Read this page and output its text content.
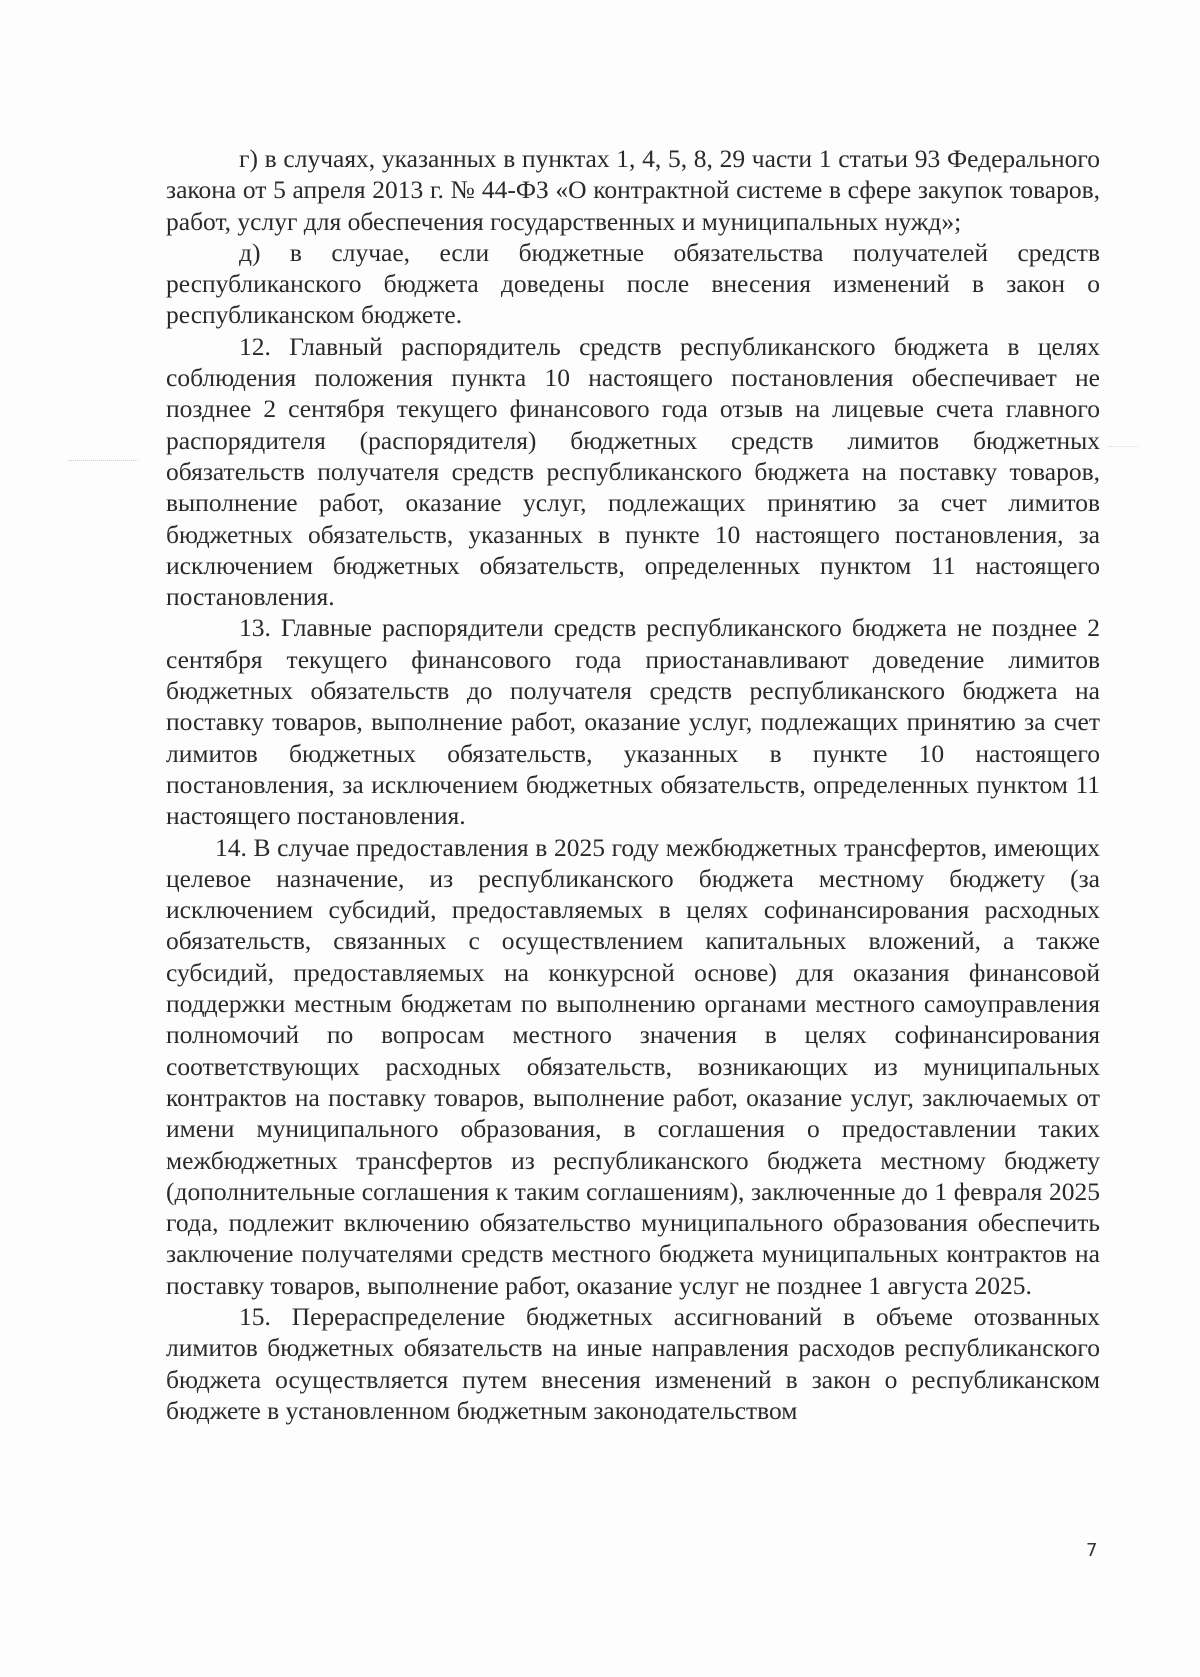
г) в случаях, указанных в пунктах 1, 4, 5, 8, 29 части 1 статьи 93 Федерального закона от 5 апреля 2013 г. № 44-ФЗ «О контрактной системе в сфере закупок товаров, работ, услуг для обеспечения государственных и муниципальных нужд»;

д) в случае, если бюджетные обязательства получателей средств республиканского бюджета доведены после внесения изменений в закон о республиканском бюджете.

12. Главный распорядитель средств республиканского бюджета в целях соблюдения положения пункта 10 настоящего постановления обеспечивает не позднее 2 сентября текущего финансового года отзыв на лицевые счета главного распорядителя (распорядителя) бюджетных средств лимитов бюджетных обязательств получателя средств республиканского бюджета на поставку товаров, выполнение работ, оказание услуг, подлежащих принятию за счет лимитов бюджетных обязательств, указанных в пункте 10 настоящего постановления, за исключением бюджетных обязательств, определенных пунктом 11 настоящего постановления.

13. Главные распорядители средств республиканского бюджета не позднее 2 сентября текущего финансового года приостанавливают доведение лимитов бюджетных обязательств до получателя средств республиканского бюджета на поставку товаров, выполнение работ, оказание услуг, подлежащих принятию за счет лимитов бюджетных обязательств, указанных в пункте 10 настоящего постановления, за исключением бюджетных обязательств, определенных пунктом 11 настоящего постановления.

14. В случае предоставления в 2025 году межбюджетных трансфертов, имеющих целевое назначение, из республиканского бюджета местному бюджету (за исключением субсидий, предоставляемых в целях софинансирования расходных обязательств, связанных с осуществлением капитальных вложений, а также субсидий, предоставляемых на конкурсной основе) для оказания финансовой поддержки местным бюджетам по выполнению органами местного самоуправления полномочий по вопросам местного значения в целях софинансирования соответствующих расходных обязательств, возникающих из муниципальных контрактов на поставку товаров, выполнение работ, оказание услуг, заключаемых от имени муниципального образования, в соглашения о предоставлении таких межбюджетных трансфертов из республиканского бюджета местному бюджету (дополнительные соглашения к таким соглашениям), заключенные до 1 февраля 2025 года, подлежит включению обязательство муниципального образования обеспечить заключение получателями средств местного бюджета муниципальных контрактов на поставку товаров, выполнение работ, оказание услуг не позднее 1 августа 2025.

15. Перераспределение бюджетных ассигнований в объеме отозванных лимитов бюджетных обязательств на иные направления расходов республиканского бюджета осуществляется путем внесения изменений в закон о республиканском бюджете в установленном бюджетным законодательством

7
